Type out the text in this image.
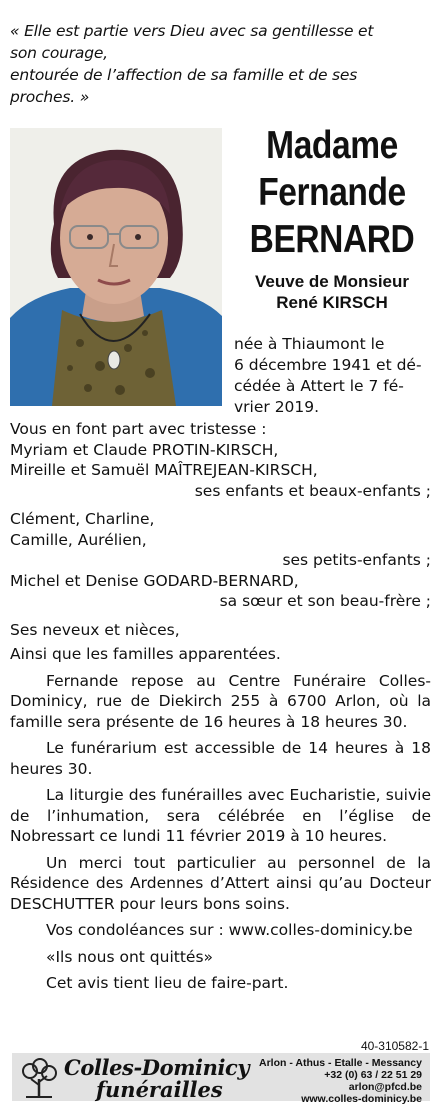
« Elle est partie vers Dieu avec sa gentillesse et
son courage,
entourée de l’affection de sa famille et de ses
proches. »
Madame
Fernande
BERNARD
Veuve de Monsieur
René KIRSCH
née à Thiaumont le
6 décembre 1941 et dé-
cédée à Attert le 7 fé-
vrier 2019.
Vous en font part avec tristesse :
Myriam et Claude PROTIN-KIRSCH,
Mireille et Samuël MAÎTREJEAN-KIRSCH,
ses enfants et beaux-enfants ;
Clément, Charline,
Camille, Aurélien,
ses petits-enfants ;
Michel et Denise GODARD-BERNARD,
sa sœur et son beau-frère ;
Ses neveux et nièces,
Ainsi que les familles apparentées.
Fernande repose au Centre Funéraire Colles-Dominicy, rue de Diekirch 255 à 6700 Arlon, où la famille sera présente de 16 heures à 18 heures 30.
Le funérarium est accessible de 14 heures à 18 heures 30.
La liturgie des funérailles avec Eucharistie, suivie de l’inhumation, sera célébrée en l’église de Nobressart ce lundi 11 février 2019 à 10 heures.
Un merci tout particulier au personnel de la Résidence des Ardennes d’Attert ainsi qu’au Docteur DESCHUTTER pour leurs bons soins.
Vos condoléances sur : www.colles-dominicy.be
«Ils nous ont quittés»
Cet avis tient lieu de faire-part.
40-310582-1
Colles-Dominicy
funérailles
Arlon - Athus - Etalle - Messancy
+32 (0) 63 / 22 51 29
arlon@pfcd.be
www.colles-dominicy.be
